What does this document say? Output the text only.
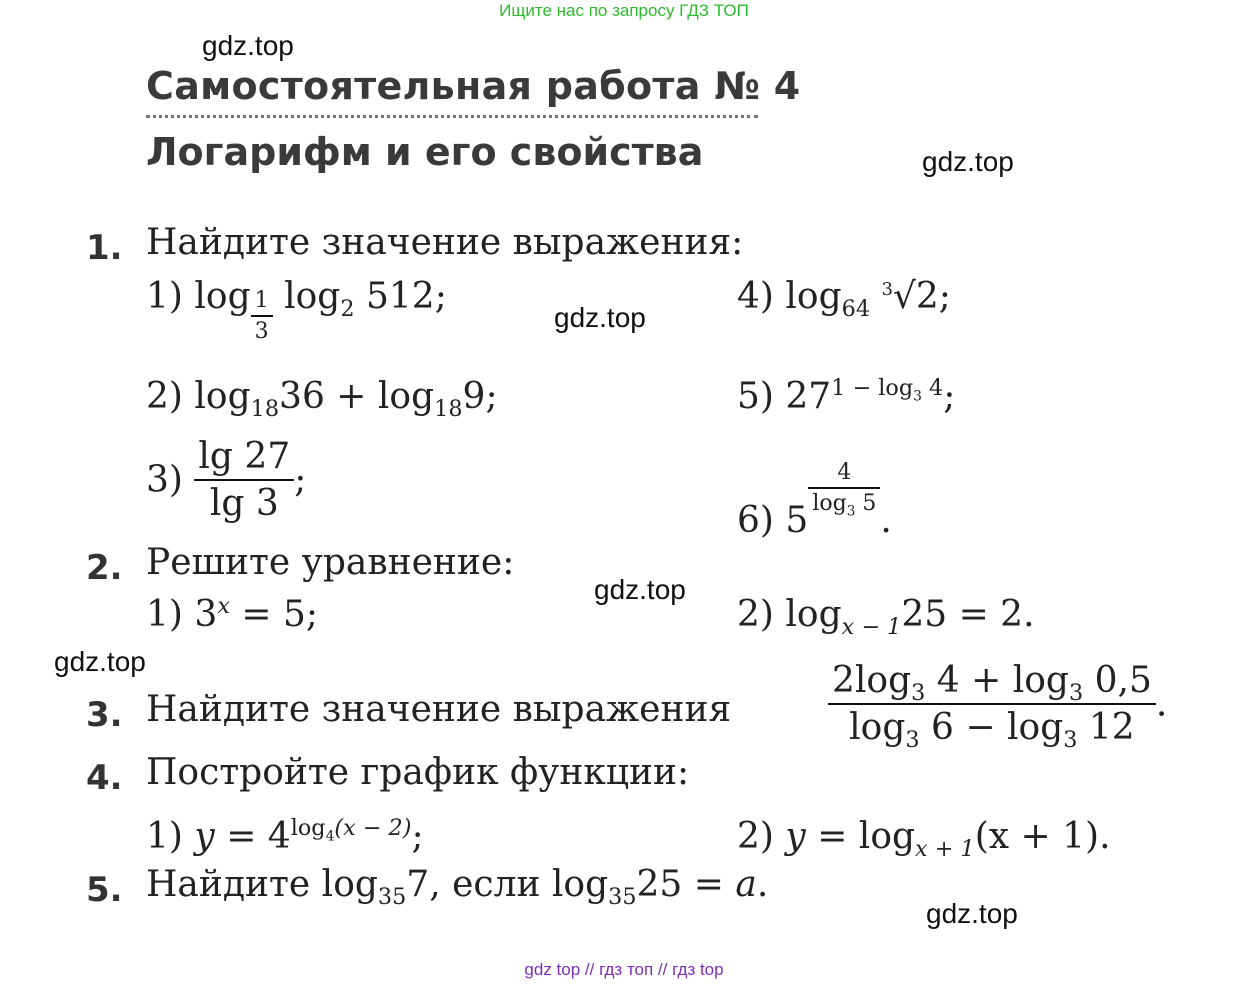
Ищите нас по запросу ГДЗ ТОП
gdz.top
gdz.top
gdz.top
gdz.top
gdz.top
gdz.top
Самостоятельная работа № 4
Логарифм и его свойства
1. Найдите значение выражения:
1) $\log \frac{1}{3} \log_2 512$;
2) $\log_{18}36 + \log_{18}9$;
$3) \frac{\lg 27}{\lg 3}$ ;
4) $\log_{64} ^3√2$;
5) $27^{1 - log_3 4}$;
6) 5
$\frac{4}{\log_3 5}$
.
2. Решите уравнение:
1) $3^x = 5$;	2) $\log_{x - 1}25 = 2$.
3. Найдите значение выражения	$\frac{2\log_3 4 + \log_3 0,5}{\log_3 6 - \log_3 12}$ .
4. Постройте график функции:
1) $y = 4^{log_4(x - 2)}$;	2) $y = \log_{x + 1}(x + 1)$.
5. Найдите $\log_{35}7$, если $\log_{35}25 = a$.
gdz top // гдз топ // гдз top
